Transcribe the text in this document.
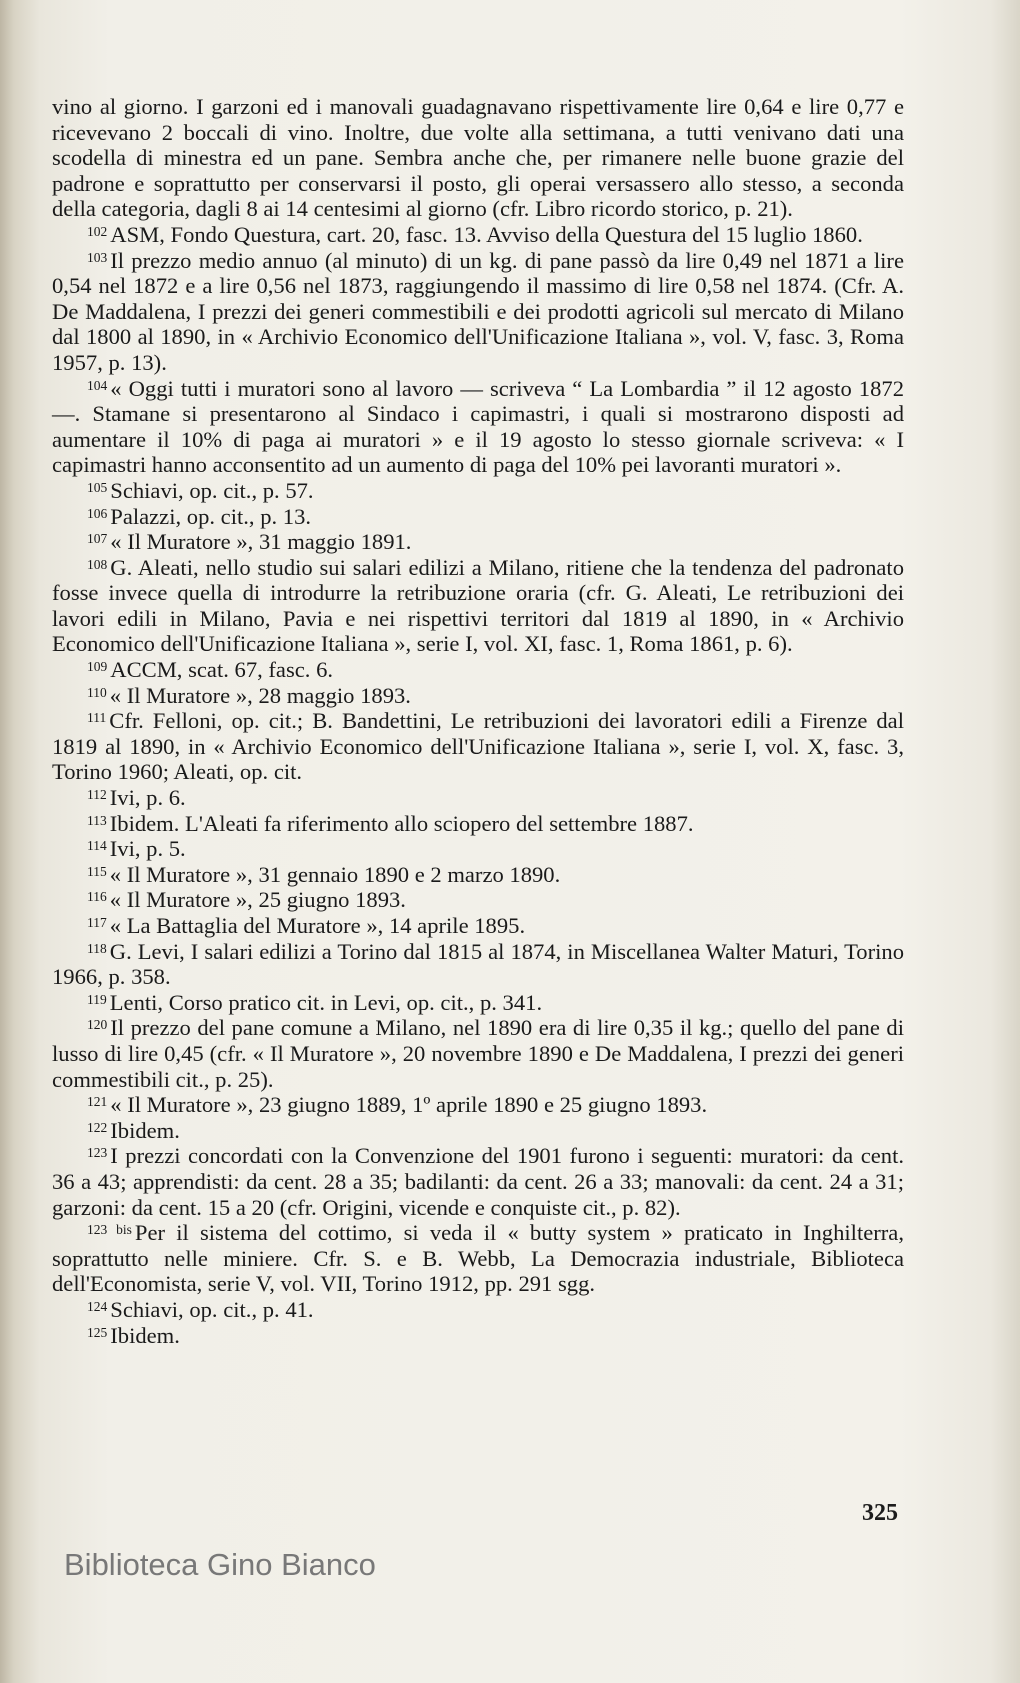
vino al giorno. I garzoni ed i manovali guadagnavano rispettivamente lire 0,64 e lire 0,77 e ricevevano 2 boccali di vino. Inoltre, due volte alla settimana, a tutti venivano dati una scodella di minestra ed un pane. Sembra anche che, per rimanere nelle buone grazie del padrone e soprattutto per conservarsi il posto, gli operai versassero allo stesso, a seconda della categoria, dagli 8 ai 14 centesimi al giorno (cfr. Libro ricordo storico, p. 21).

$^{102}$ ASM, Fondo Questura, cart. 20, fasc. 13. Avviso della Questura del 15 luglio 1860.

$^{103}$ Il prezzo medio annuo (al minuto) di un kg. di pane passò da lire 0,49 nel 1871 a lire 0,54 nel 1872 e a lire 0,56 nel 1873, raggiungendo il massimo di lire 0,58 nel 1874. (Cfr. A. De Maddalena, I prezzi dei generi commestibili e dei prodotti agricoli sul mercato di Milano dal 1800 al 1890, in « Archivio Economico dell'Unificazione Italiana », vol. V, fasc. 3, Roma 1957, p. 13).

$^{104}$ « Oggi tutti i muratori sono al lavoro — scriveva “ La Lombardia ” il 12 agosto 1872 —. Stamane si presentarono al Sindaco i capimastri, i quali si mostrarono disposti ad aumentare il 10% di paga ai muratori » e il 19 agosto lo stesso giornale scriveva: « I capimastri hanno acconsentito ad un aumento di paga del 10% pei lavoranti muratori ».

$^{105}$ Schiavi, op. cit., p. 57.

$^{106}$ Palazzi, op. cit., p. 13.

$^{107}$ « Il Muratore », 31 maggio 1891.

$^{108}$ G. Aleati, nello studio sui salari edilizi a Milano, ritiene che la tendenza del padronato fosse invece quella di introdurre la retribuzione oraria (cfr. G. Aleati, Le retribuzioni dei lavori edili in Milano, Pavia e nei rispettivi territori dal 1819 al 1890, in « Archivio Economico dell'Unificazione Italiana », serie I, vol. XI, fasc. 1, Roma 1861, p. 6).

$^{109}$ ACCM, scat. 67, fasc. 6.

$^{110}$ « Il Muratore », 28 maggio 1893.

$^{111}$ Cfr. Felloni, op. cit.; B. Bandettini, Le retribuzioni dei lavoratori edili a Firenze dal 1819 al 1890, in « Archivio Economico dell'Unificazione Italiana », serie I, vol. X, fasc. 3, Torino 1960; Aleati, op. cit.

$^{112}$ Ivi, p. 6.

$^{113}$ Ibidem. L'Aleati fa riferimento allo sciopero del settembre 1887.

$^{114}$ Ivi, p. 5.

$^{115}$ « Il Muratore », 31 gennaio 1890 e 2 marzo 1890.

$^{116}$ « Il Muratore », 25 giugno 1893.

$^{117}$ « La Battaglia del Muratore », 14 aprile 1895.

$^{118}$ G. Levi, I salari edilizi a Torino dal 1815 al 1874, in Miscellanea Walter Maturi, Torino 1966, p. 358.

$^{119}$ Lenti, Corso pratico cit. in Levi, op. cit., p. 341.

$^{120}$ Il prezzo del pane comune a Milano, nel 1890 era di lire 0,35 il kg.; quello del pane di lusso di lire 0,45 (cfr. « Il Muratore », 20 novembre 1890 e De Maddalena, I prezzi dei generi commestibili cit., p. 25).

$^{121}$ « Il Muratore », 23 giugno 1889, 1º aprile 1890 e 25 giugno 1893.

$^{122}$ Ibidem.

$^{123}$ I prezzi concordati con la Convenzione del 1901 furono i seguenti: muratori: da cent. 36 a 43; apprendisti: da cent. 28 a 35; badilanti: da cent. 26 a 33; manovali: da cent. 24 a 31; garzoni: da cent. 15 a 20 (cfr. Origini, vicende e conquiste cit., p. 82).

$^{123 bis}$ Per il sistema del cottimo, si veda il « butty system » praticato in Inghilterra, soprattutto nelle miniere. Cfr. S. e B. Webb, La Democrazia industriale, Biblioteca dell'Economista, serie V, vol. VII, Torino 1912, pp. 291 sgg.

$^{124}$ Schiavi, op. cit., p. 41.

$^{125}$ Ibidem.

325
Biblioteca Gino Bianco
